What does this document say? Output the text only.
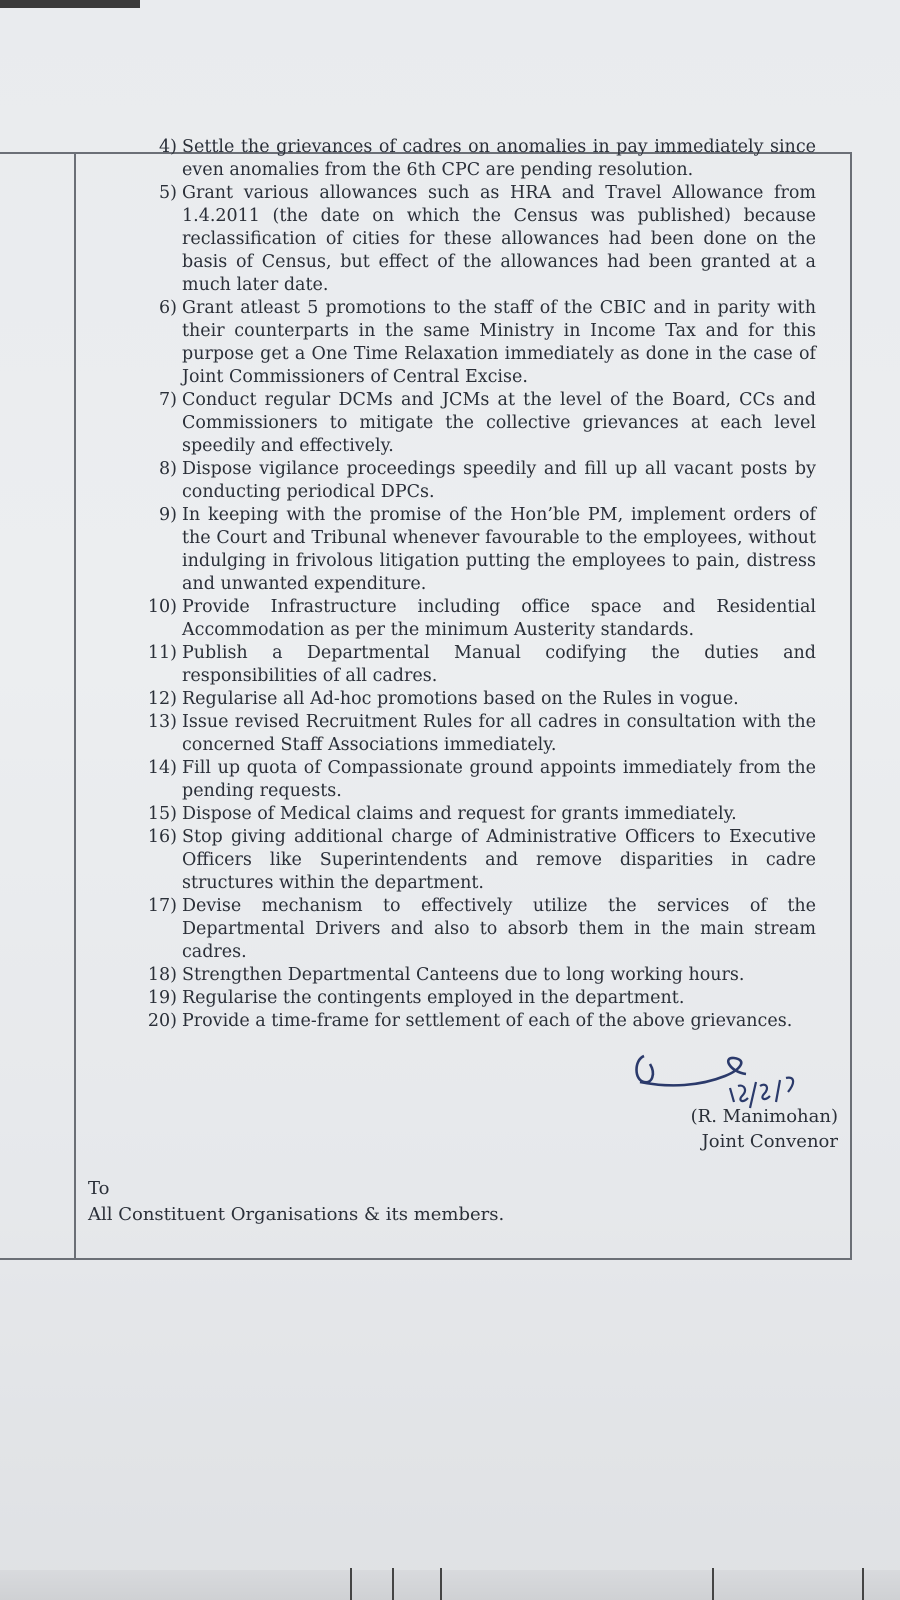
4) Settle the grievances of cadres on anomalies in pay immediately since even anomalies from the 6th CPC are pending resolution.
5) Grant various allowances such as HRA and Travel Allowance from 1.4.2011 (the date on which the Census was published) because reclassification of cities for these allowances had been done on the basis of Census, but effect of the allowances had been granted at a much later date.
6) Grant atleast 5 promotions to the staff of the CBIC and in parity with their counterparts in the same Ministry in Income Tax and for this purpose get a One Time Relaxation immediately as done in the case of Joint Commissioners of Central Excise.
7) Conduct regular DCMs and JCMs at the level of the Board, CCs and Commissioners to mitigate the collective grievances at each level speedily and effectively.
8) Dispose vigilance proceedings speedily and fill up all vacant posts by conducting periodical DPCs.
9) In keeping with the promise of the Hon’ble PM, implement orders of the Court and Tribunal whenever favourable to the employees, without indulging in frivolous litigation putting the employees to pain, distress and unwanted expenditure.
10) Provide Infrastructure including office space and Residential Accommodation as per the minimum Austerity standards.
11) Publish a Departmental Manual codifying the duties and responsibilities of all cadres.
12) Regularise all Ad-hoc promotions based on the Rules in vogue.
13) Issue revised Recruitment Rules for all cadres in consultation with the concerned Staff Associations immediately.
14) Fill up quota of Compassionate ground appoints immediately from the pending requests.
15) Dispose of Medical claims and request for grants immediately.
16) Stop giving additional charge of Administrative Officers to Executive Officers like Superintendents and remove disparities in cadre structures within the department.
17) Devise mechanism to effectively utilize the services of the Departmental Drivers and also to absorb them in the main stream cadres.
18) Strengthen Departmental Canteens due to long working hours.
19) Regularise the contingents employed in the department.
20) Provide a time-frame for settlement of each of the above grievances.
(R. Manimohan)
Joint Convenor
To
All Constituent Organisations & its members.
